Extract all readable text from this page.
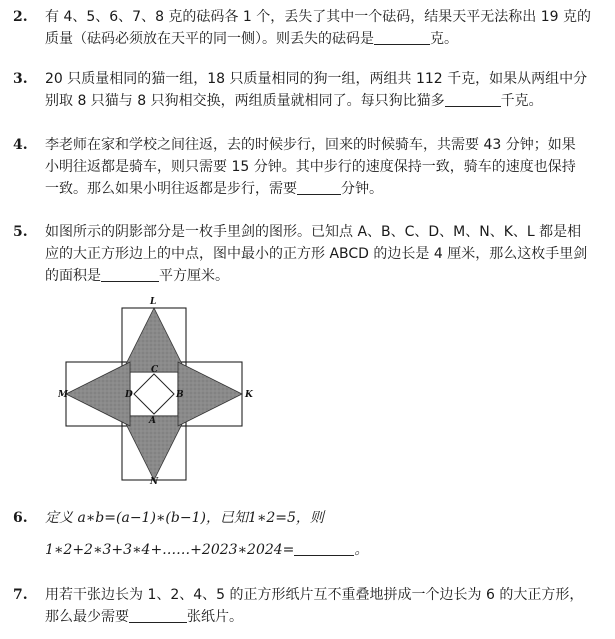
2. 有 4、5、6、7、8 克的砝码各 1 个，丢失了其中一个砝码，结果天平无法称出 19 克的
质量（砝码必须放在天平的同一侧）。则丢失的砝码是	克。
3. 20 只质量相同的猫一组，18 只质量相同的狗一组，两组共 112 千克，如果从两组中分
别取 8 只猫与 8 只狗相交换，两组质量就相同了。每只狗比猫多	千克。
4. 李老师在家和学校之间往返，去的时候步行，回来的时候骑车，共需要 43 分钟；如果
小明往返都是骑车，则只需要 15 分钟。其中步行的速度保持一致，骑车的速度也保持
一致。那么如果小明往返都是步行，需要	分钟。
5. 如图所示的阴影部分是一枚手里剑的图形。已知点 A、B、C、D、M、N、K、L 都是相
应的大正方形边上的中点，图中最小的正方形 ABCD 的边长是 4 厘米，那么这枚手里剑
的面积是	平方厘米。
L
M	K
N
C
D	B
A
6. 定义 a∗b=(a−1)∗(b−1)，已知1∗2=5，则
1∗2+2∗3+3∗4+……+2023∗2024=	。
7. 用若干张边长为 1、2、4、5 的正方形纸片互不重叠地拼成一个边长为 6 的大正方形，
那么最少需要	张纸片。
